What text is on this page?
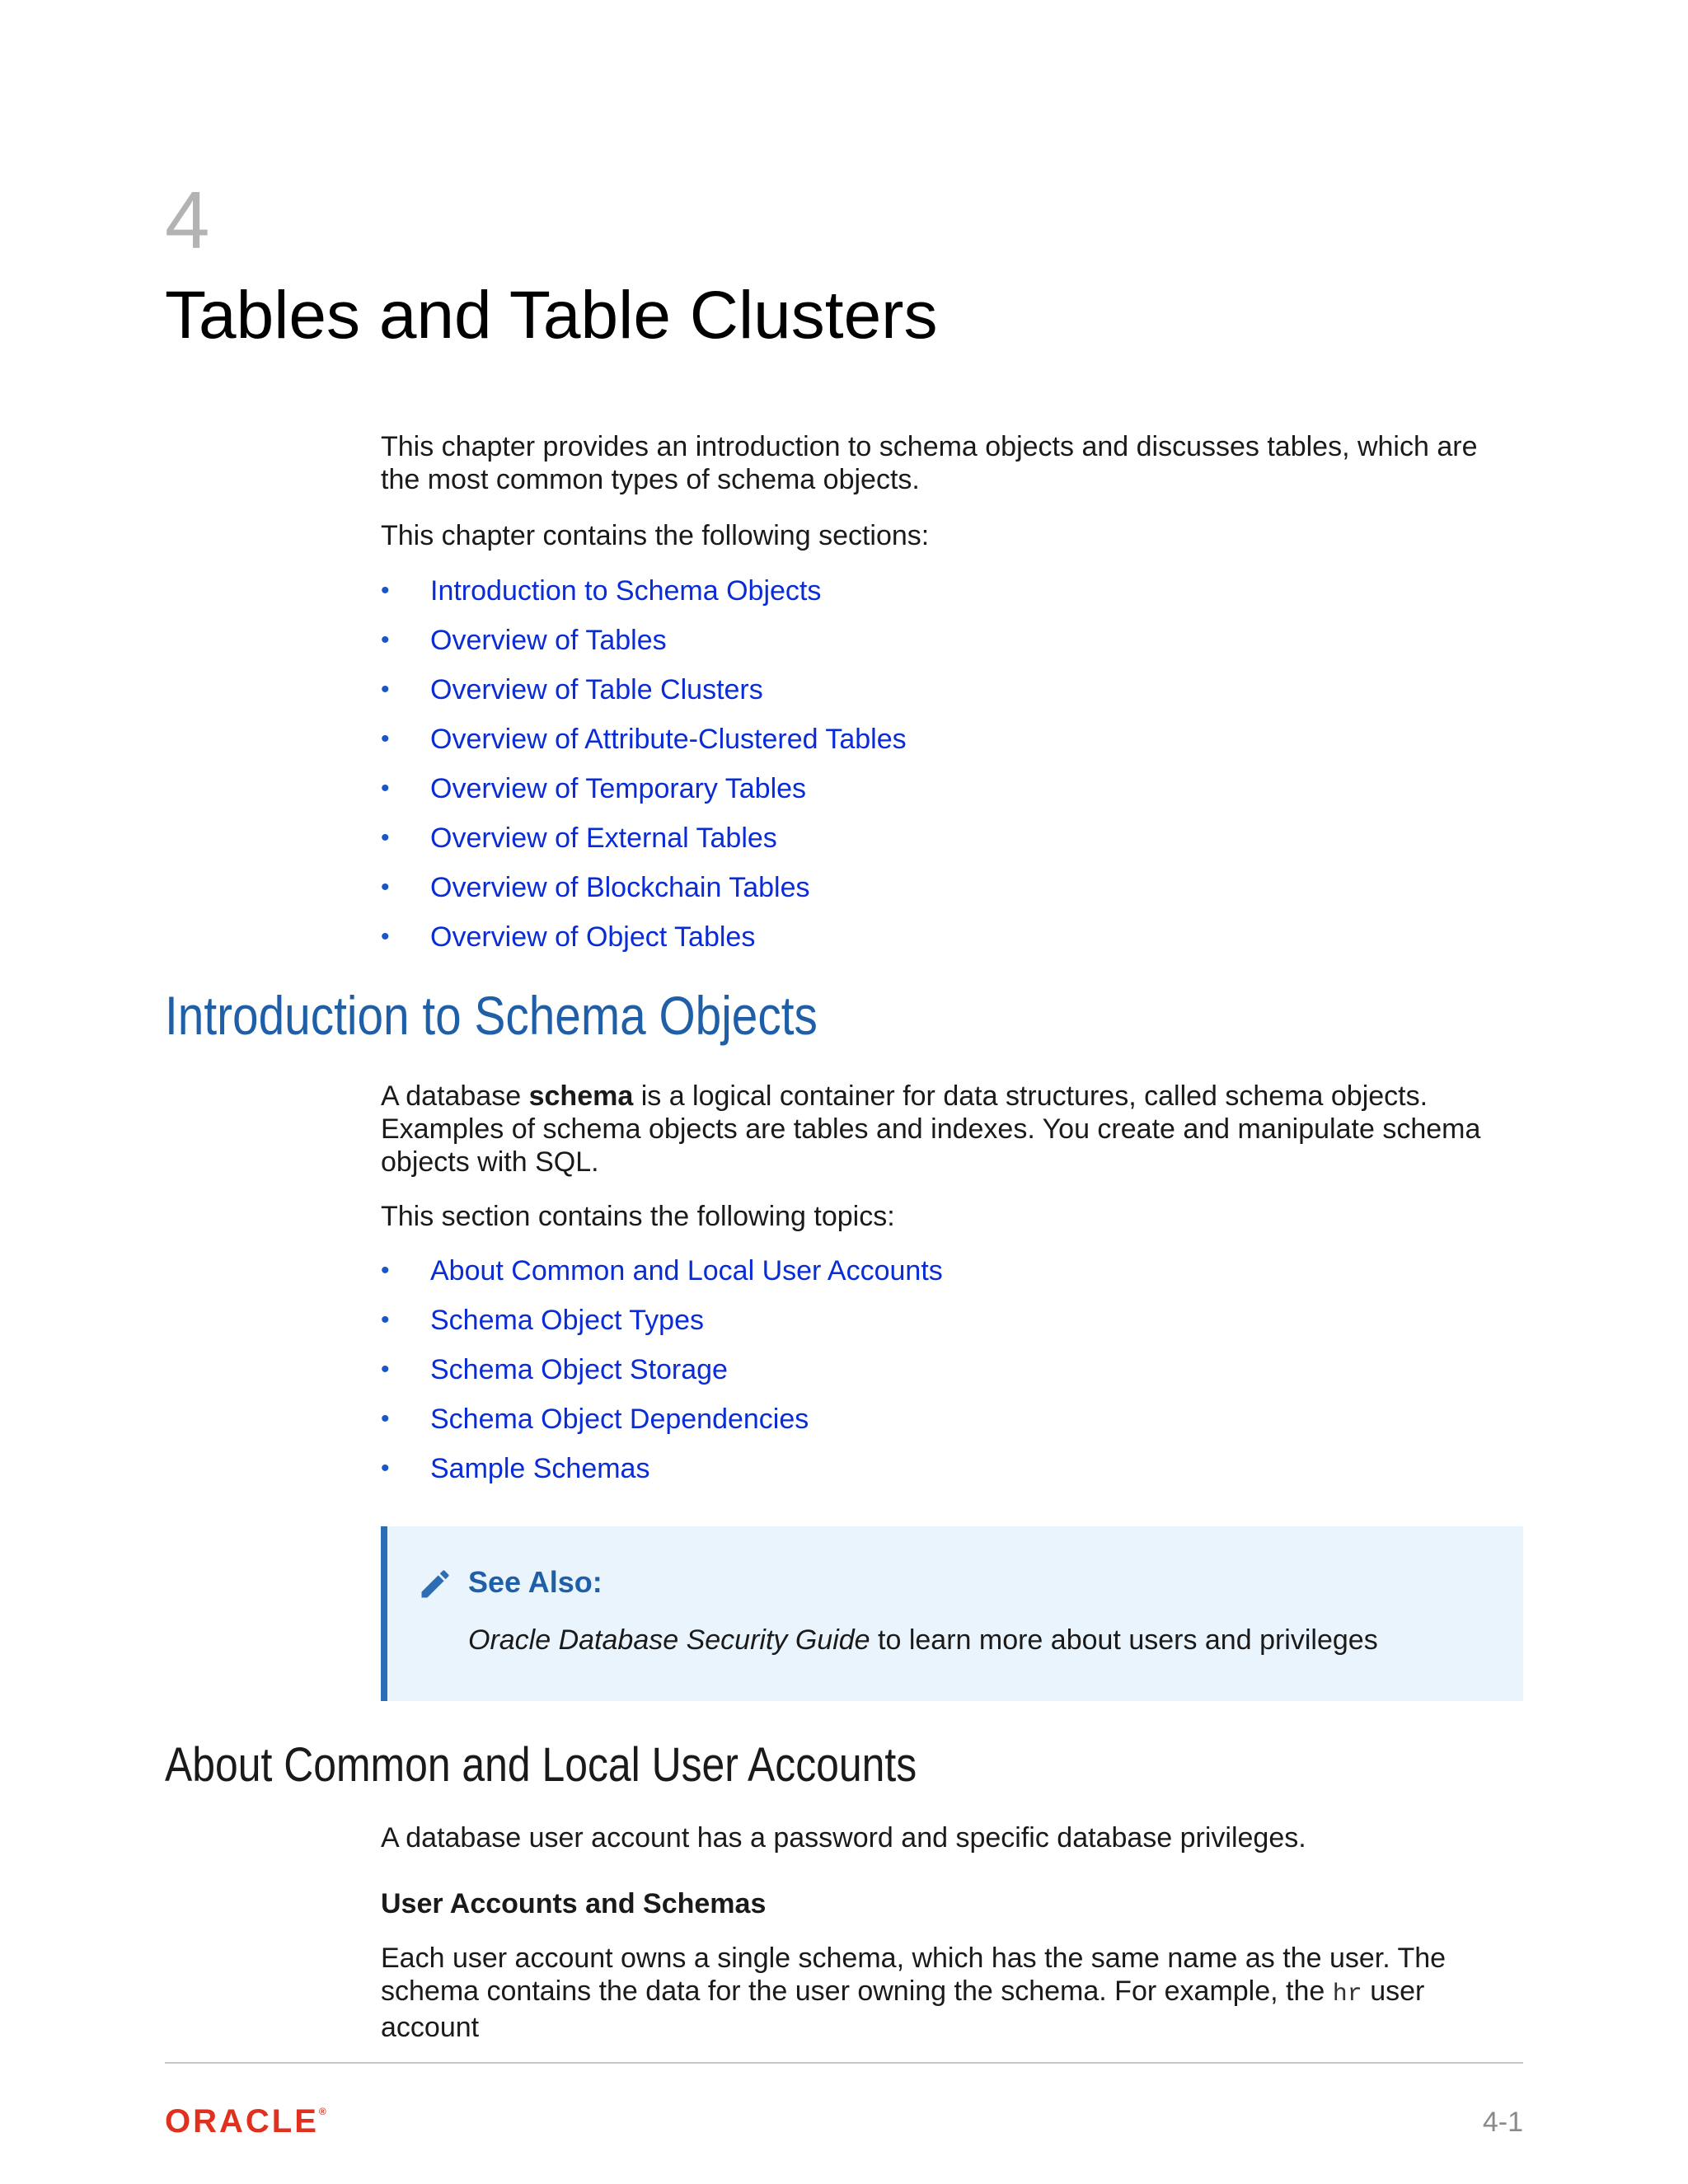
4
Tables and Table Clusters

This chapter provides an introduction to schema objects and discusses tables, which are the most common types of schema objects.

This chapter contains the following sections:

• Introduction to Schema Objects
• Overview of Tables
• Overview of Table Clusters
• Overview of Attribute-Clustered Tables
• Overview of Temporary Tables
• Overview of External Tables
• Overview of Blockchain Tables
• Overview of Object Tables
Introduction to Schema Objects

A database schema is a logical container for data structures, called schema objects. Examples of schema objects are tables and indexes. You create and manipulate schema objects with SQL.

This section contains the following topics:

• About Common and Local User Accounts
• Schema Object Types
• Schema Object Storage
• Schema Object Dependencies
• Sample Schemas
See Also:
Oracle Database Security Guide to learn more about users and privileges
About Common and Local User Accounts

A database user account has a password and specific database privileges.

User Accounts and Schemas

Each user account owns a single schema, which has the same name as the user. The schema contains the data for the user owning the schema. For example, the hr user account

ORACLE®	4-1
